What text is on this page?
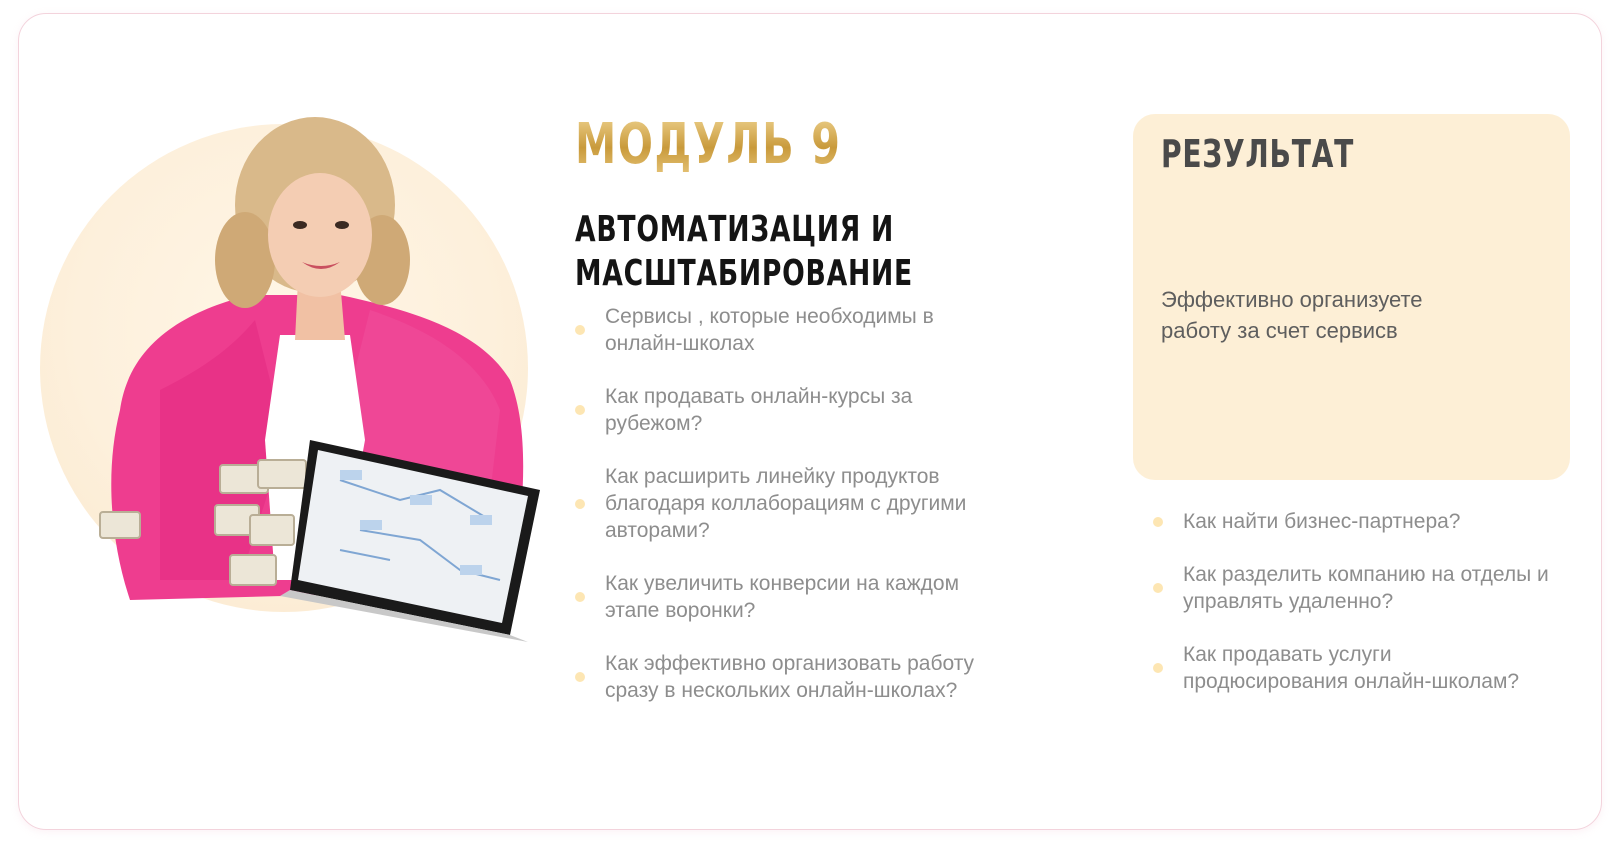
МОДУЛЬ 9
АВТОМАТИЗАЦИЯ И
МАСШТАБИРОВАНИЕ
Сервисы , которые необходимы в онлайн-школах
Как продавать онлайн-курсы за рубежом?
Как расширить линейку продуктов благодаря коллаборациям с другими авторами?
Как увеличить конверсии на каждом этапе воронки?
Как эффективно организовать работу сразу в нескольких онлайн-школах?
РЕЗУЛЬТАТ
Эффективно организуете работу за счет сервисв
Как найти бизнес-партнера?
Как разделить компанию на отделы и управлять удаленно?
Как продавать услуги продюсирования онлайн-школам?
